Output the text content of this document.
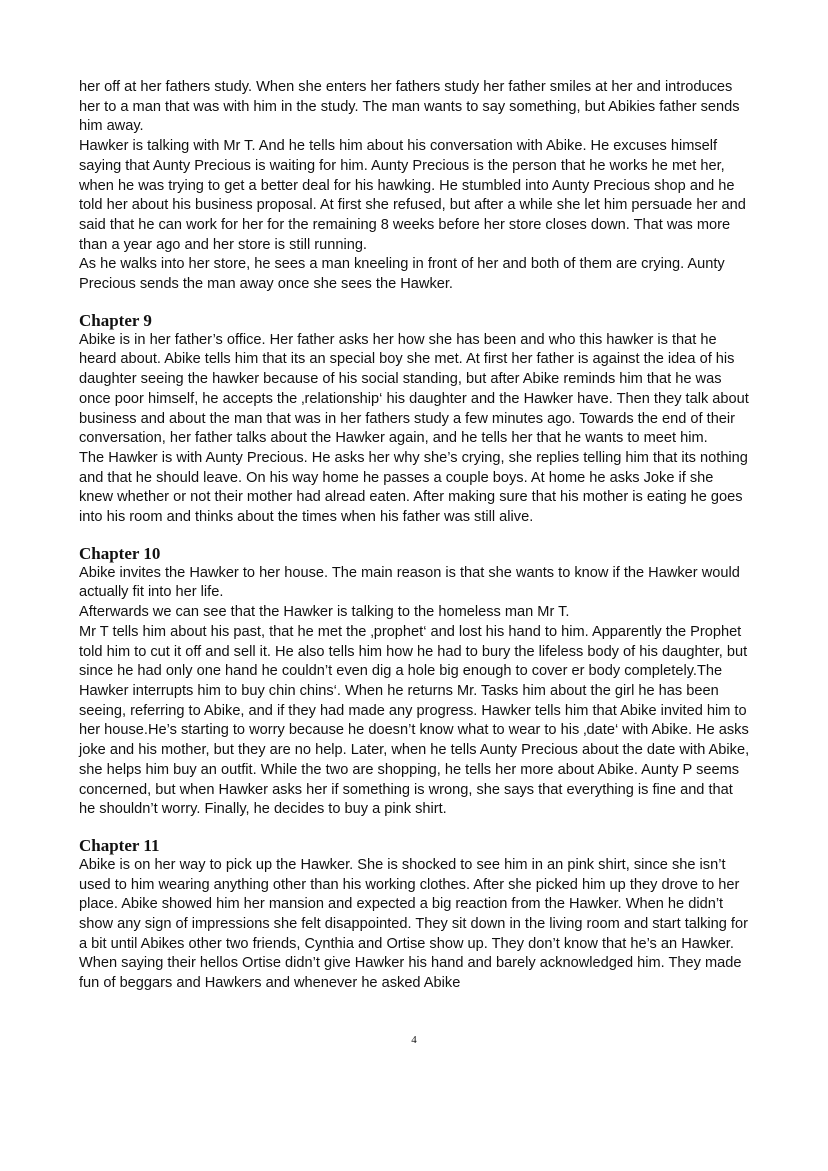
her off at her fathers study. When she enters her fathers study her father smiles at her and introduces her to a man that was with him in the study. The man wants to say something, but Abikies father sends him away.

Hawker is talking with Mr T. And he tells him about his conversation with Abike. He excuses himself saying that Aunty Precious is waiting for him. Aunty Precious is the person that he works he met her, when he was trying to get a better deal for his hawking. He stumbled into Aunty Precious shop and he told her about his business proposal. At first she refused, but after a while she let him persuade her and said that he can work for her for the remaining 8 weeks before her store closes down. That was more than a year ago and her store is still running.

As he walks into her store, he sees a man kneeling in front of her and both of them are crying. Aunty Precious sends the man away once she sees the Hawker.

Chapter 9

Abike is in her father’s office. Her father asks her how she has been and who this hawker is that he heard about. Abike tells him that its an special boy she met. At first her father is against the idea of his daughter seeing the hawker because of his social standing, but after Abike reminds him that he was once poor himself, he accepts the ‚relationship‘ his daughter and the Hawker have. Then they talk about business and about the man that was in her fathers study a few minutes ago. Towards the end of their conversation, her father talks about the Hawker again, and he tells her that he wants to meet him.

The Hawker is with Aunty Precious. He asks her why she’s crying, she replies telling him that its nothing and that he should leave. On his way home he passes a couple boys. At home he asks Joke if she knew whether or not their mother had alread eaten. After making sure that his mother is eating he goes into his room and thinks about the times when his father was still alive.

Chapter 10

Abike invites the Hawker to her house. The main reason is that she wants to know if the Hawker would actually fit into her life.

Afterwards we can see that the Hawker is talking to the homeless man Mr T.

Mr T tells him about his past, that he met the ‚prophet‘ and lost his hand to him. Apparently the Prophet told him to cut it off and sell it. He also tells him how he had to bury the lifeless body of his daughter, but since he had only one hand he couldn’t even dig a hole big enough to cover er body completely.The Hawker interrupts him to buy chin chins‘. When he returns Mr. Tasks him about the girl he has been seeing, referring to Abike, and if they had made any progress. Hawker tells him that Abike invited him to her house.He’s starting to worry because he doesn’t know what to wear to his ‚date‘ with Abike. He asks joke and his mother, but they are no help. Later, when he tells Aunty Precious about the date with Abike, she helps him buy an outfit. While the two are shopping, he tells her more about Abike. Aunty P seems concerned, but when Hawker asks her if something is wrong, she says that everything is fine and that he shouldn’t worry. Finally, he decides to buy a pink shirt.

Chapter 11

Abike is on her way to pick up the Hawker. She is shocked to see him in an pink shirt, since she isn’t used to him wearing anything other than his working clothes. After she picked him up they drove to her place. Abike showed him her mansion and expected a big reaction from the Hawker. When he didn’t show any sign of impressions she felt disappointed. They sit down in the living room and start talking for a bit until Abikes other two friends, Cynthia and Ortise show up. They don’t know that he’s an Hawker. When saying their hellos Ortise didn’t give Hawker his hand and barely acknowledged him. They made fun of beggars and Hawkers and whenever he asked Abike

4
